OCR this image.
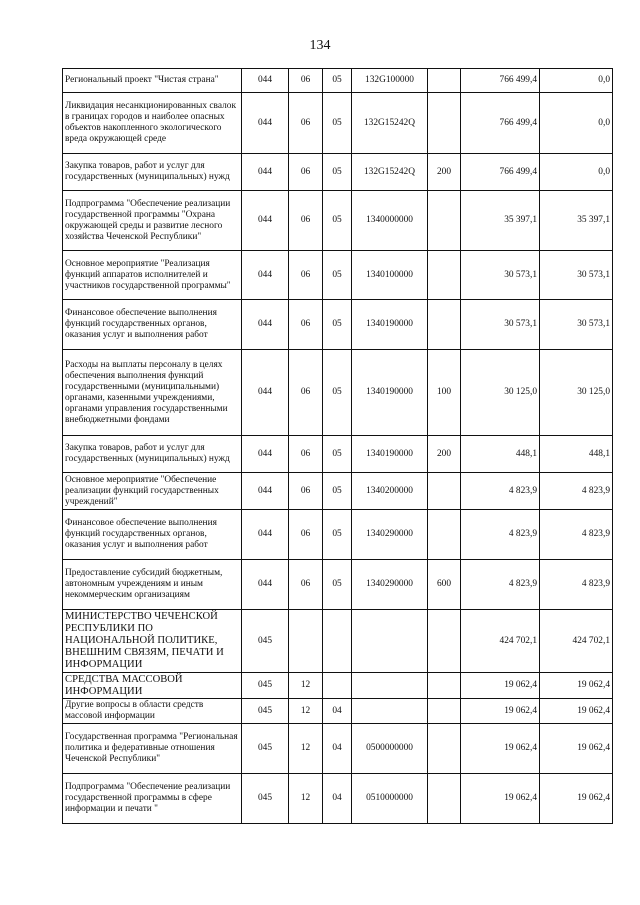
134
Региональный проект "Чистая страна"	044	06	05	132G100000		766 499,4	0,0
Ликвидация несанкционированных свалок в границах городов и наиболее опасных объектов накопленного экологического вреда окружающей среде	044	06	05	132G15242Q		766 499,4	0,0
Закупка товаров, работ и услуг для государственных (муниципальных) нужд	044	06	05	132G15242Q	200	766 499,4	0,0
Подпрограмма "Обеспечение реализации государственной программы "Охрана окружающей среды и развитие лесного хозяйства Чеченской Республики"	044	06	05	1340000000		35 397,1	35 397,1
Основное мероприятие "Реализация функций аппаратов исполнителей и участников государственной программы"	044	06	05	1340100000		30 573,1	30 573,1
Финансовое обеспечение выполнения функций государственных органов, оказания услуг и выполнения работ	044	06	05	1340190000		30 573,1	30 573,1
Расходы на выплаты персоналу в целях обеспечения выполнения функций государственными (муниципальными) органами, казенными учреждениями, органами управления государственными внебюджетными фондами	044	06	05	1340190000	100	30 125,0	30 125,0
Закупка товаров, работ и услуг для государственных (муниципальных) нужд	044	06	05	1340190000	200	448,1	448,1
Основное мероприятие "Обеспечение реализации функций государственных учреждений"	044	06	05	1340200000		4 823,9	4 823,9
Финансовое обеспечение выполнения функций государственных органов, оказания услуг и выполнения работ	044	06	05	1340290000		4 823,9	4 823,9
Предоставление субсидий бюджетным, автономным учреждениям и иным некоммерческим организациям	044	06	05	1340290000	600	4 823,9	4 823,9
МИНИСТЕРСТВО ЧЕЧЕНСКОЙ РЕСПУБЛИКИ ПО НАЦИОНАЛЬНОЙ ПОЛИТИКЕ, ВНЕШНИМ СВЯЗЯМ, ПЕЧАТИ И ИНФОРМАЦИИ	045					424 702,1	424 702,1
СРЕДСТВА МАССОВОЙ ИНФОРМАЦИИ	045	12				19 062,4	19 062,4
Другие вопросы в области средств массовой информации	045	12	04			19 062,4	19 062,4
Государственная программа "Региональная политика и федеративные отношения Чеченской Республики"	045	12	04	0500000000		19 062,4	19 062,4
Подпрограмма "Обеспечение реализации государственной программы в сфере информации и печати "	045	12	04	0510000000		19 062,4	19 062,4
